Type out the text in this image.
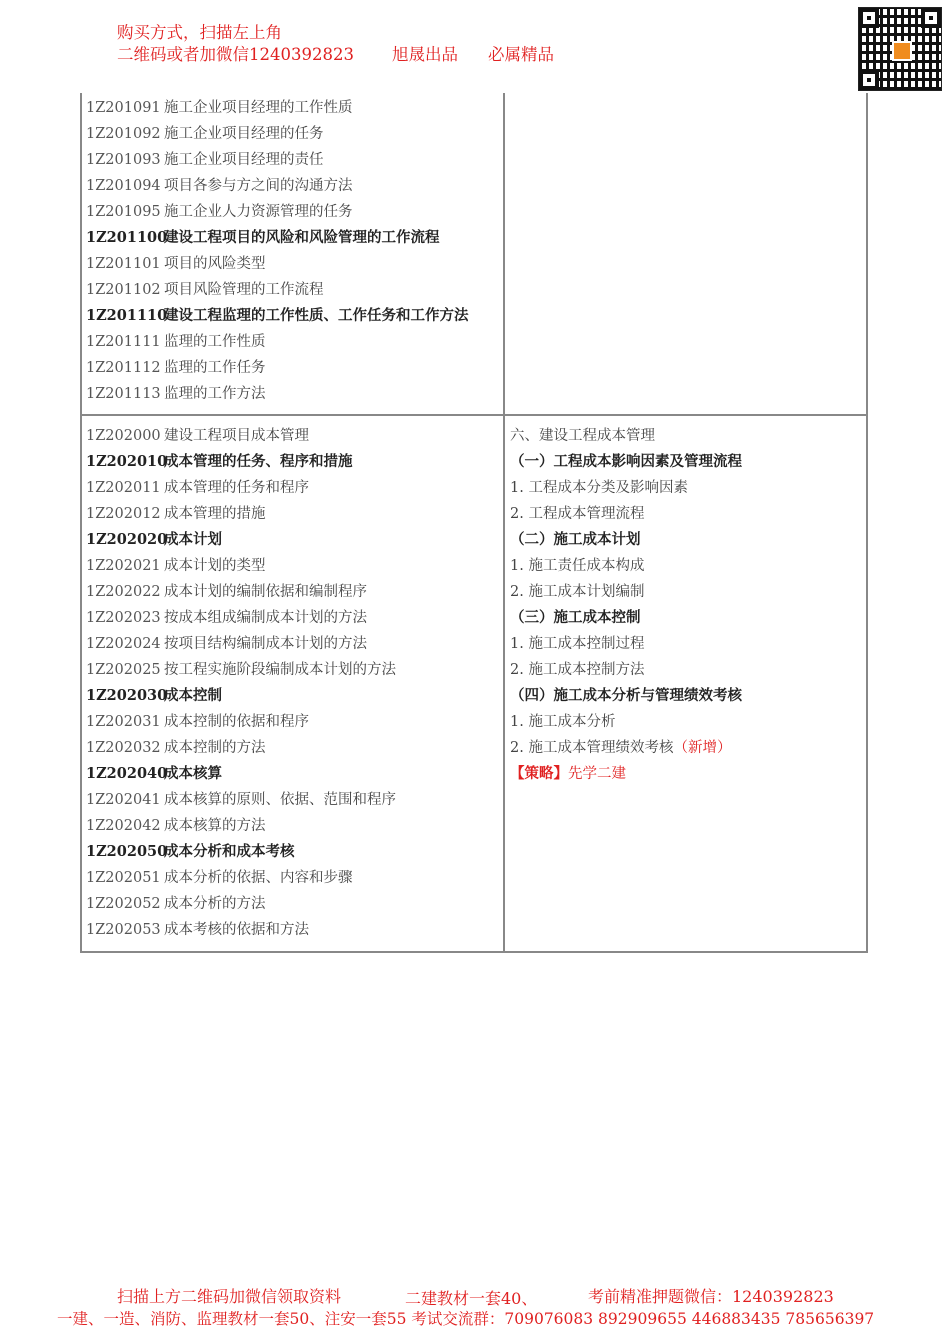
购买方式，扫描左上角
二维码或者加微信1240392823 旭晟出品 必属精品
1Z201091 施工企业项目经理的工作性质
1Z201092 施工企业项目经理的任务
1Z201093 施工企业项目经理的责任
1Z201094 项目各参与方之间的沟通方法
1Z201095 施工企业人力资源管理的任务
1Z201100建设工程项目的风险和风险管理的工作流程
1Z201101 项目的风险类型
1Z201102 项目风险管理的工作流程
1Z201110建设工程监理的工作性质、工作任务和工作方法
1Z201111 监理的工作性质
1Z201112 监理的工作任务
1Z201113 监理的工作方法
1Z202000 建设工程项目成本管理
1Z202010成本管理的任务、程序和措施
1Z202011 成本管理的任务和程序
1Z202012 成本管理的措施
1Z202020成本计划
1Z202021 成本计划的类型
1Z202022 成本计划的编制依据和编制程序
1Z202023 按成本组成编制成本计划的方法
1Z202024 按项目结构编制成本计划的方法
1Z202025 按工程实施阶段编制成本计划的方法
1Z202030成本控制
1Z202031 成本控制的依据和程序
1Z202032 成本控制的方法
1Z202040成本核算
1Z202041 成本核算的原则、依据、范围和程序
1Z202042 成本核算的方法
1Z202050成本分析和成本考核
1Z202051 成本分析的依据、内容和步骤
1Z202052 成本分析的方法
1Z202053 成本考核的依据和方法
六、建设工程成本管理
（一）工程成本影响因素及管理流程
1. 工程成本分类及影响因素
2. 工程成本管理流程
（二）施工成本计划
1. 施工责任成本构成
2. 施工成本计划编制
（三）施工成本控制
1. 施工成本控制过程
2. 施工成本控制方法
（四）施工成本分析与管理绩效考核
1. 施工成本分析
2. 施工成本管理绩效考核（新增）
【策略】先学二建
扫描上方二维码加微信领取资料	二建教材一套40、	考前精准押题微信：1240392823
一建、一造、消防、监理教材一套50、注安一套55 考试交流群：709076083 892909655 446883435 785656397
